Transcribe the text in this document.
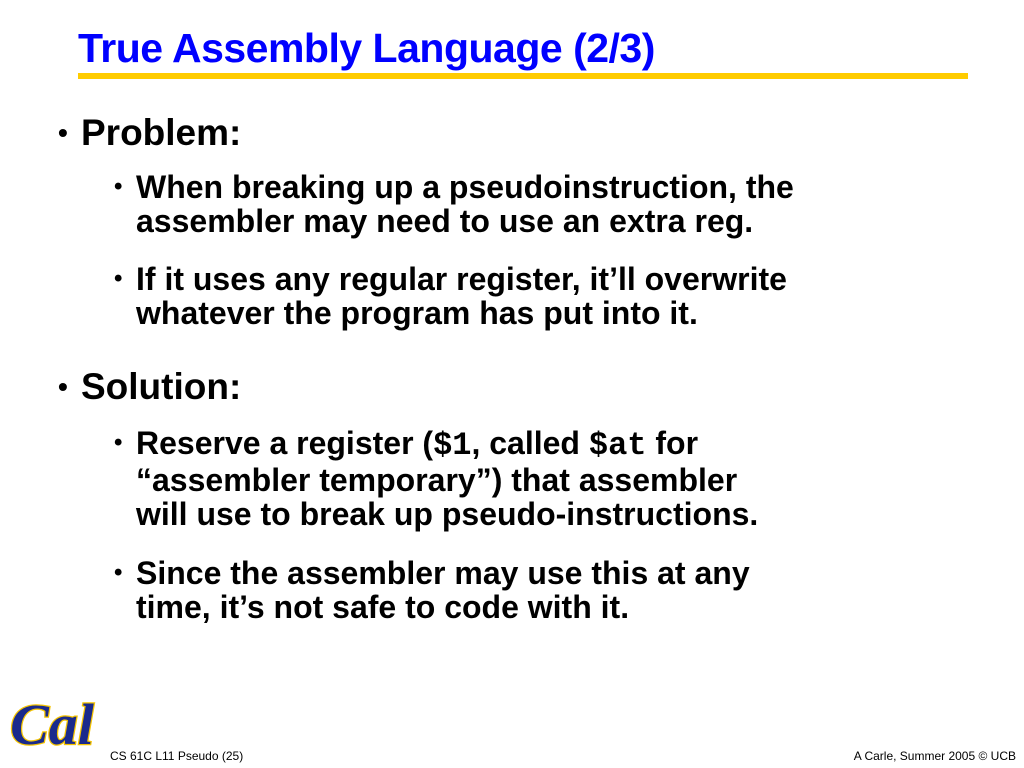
True Assembly Language (2/3)
• Problem:
• When breaking up a pseudoinstruction, the
assembler may need to use an extra reg.
• If it uses any regular register, it’ll overwrite
whatever the program has put into it.
• Solution:
• Reserve a register ($1, called $at for
“assembler temporary”) that assembler
will use to break up pseudo-instructions.
• Since the assembler may use this at any
time, it’s not safe to code with it.
Cal CS 61C L11 Pseudo (25)	A Carle, Summer 2005 © UCB
